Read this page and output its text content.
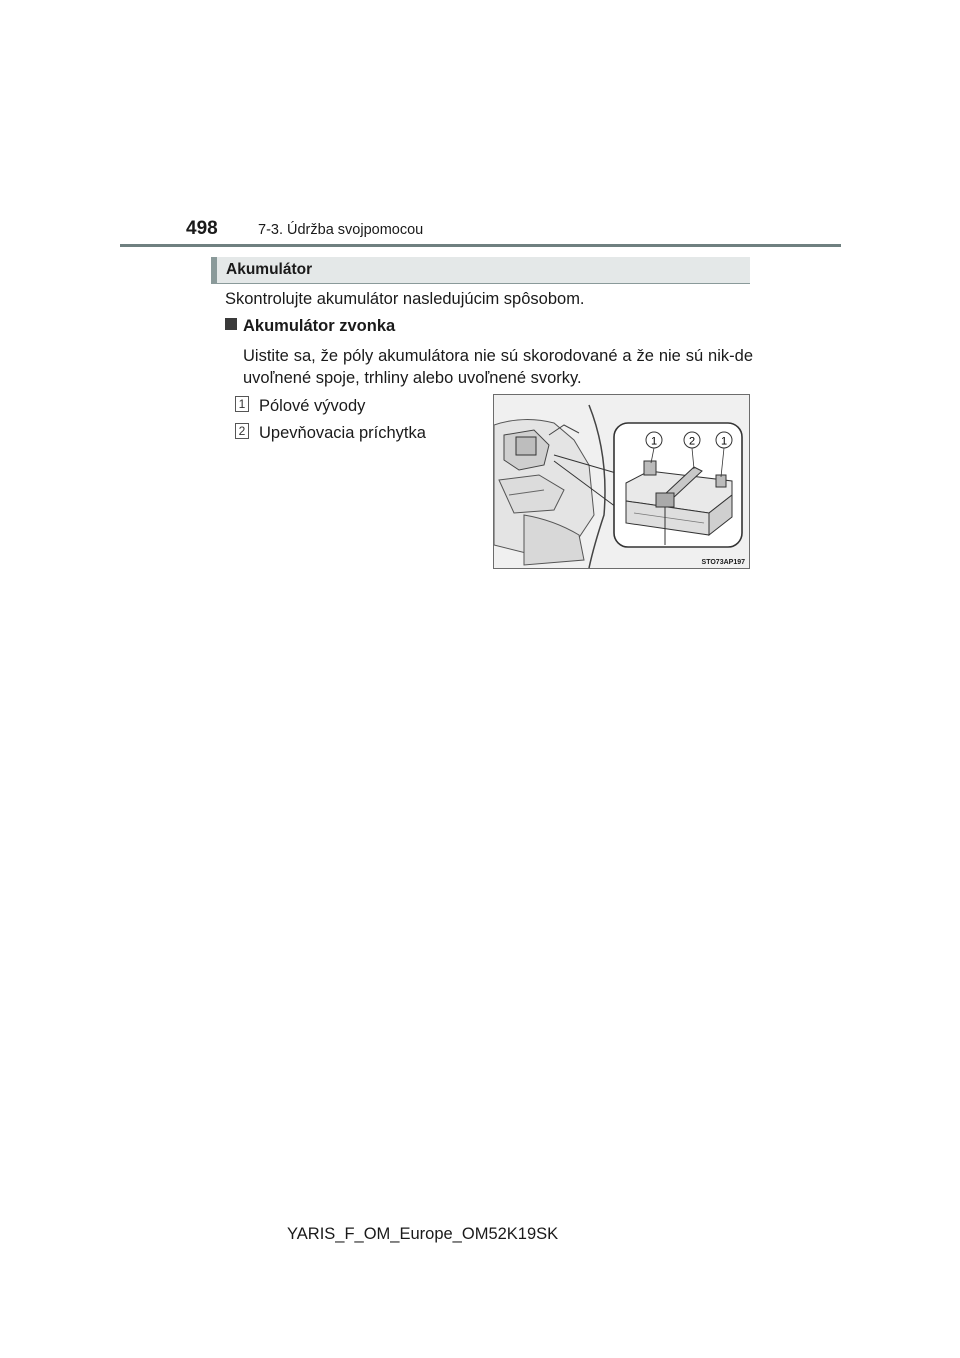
498	7-3. Údržba svojpomocou
Akumulátor
Skontrolujte akumulátor nasledujúcim spôsobom.
Akumulátor zvonka
Uistite sa, že póly akumulátora nie sú skorodované a že nie sú nik-de uvoľnené spoje, trhliny alebo uvoľnené svorky.
1 Pólové vývody
2 Upevňovacia príchytka	1	2 1
STO73AP197
YARIS_F_OM_Europe_OM52K19SK
